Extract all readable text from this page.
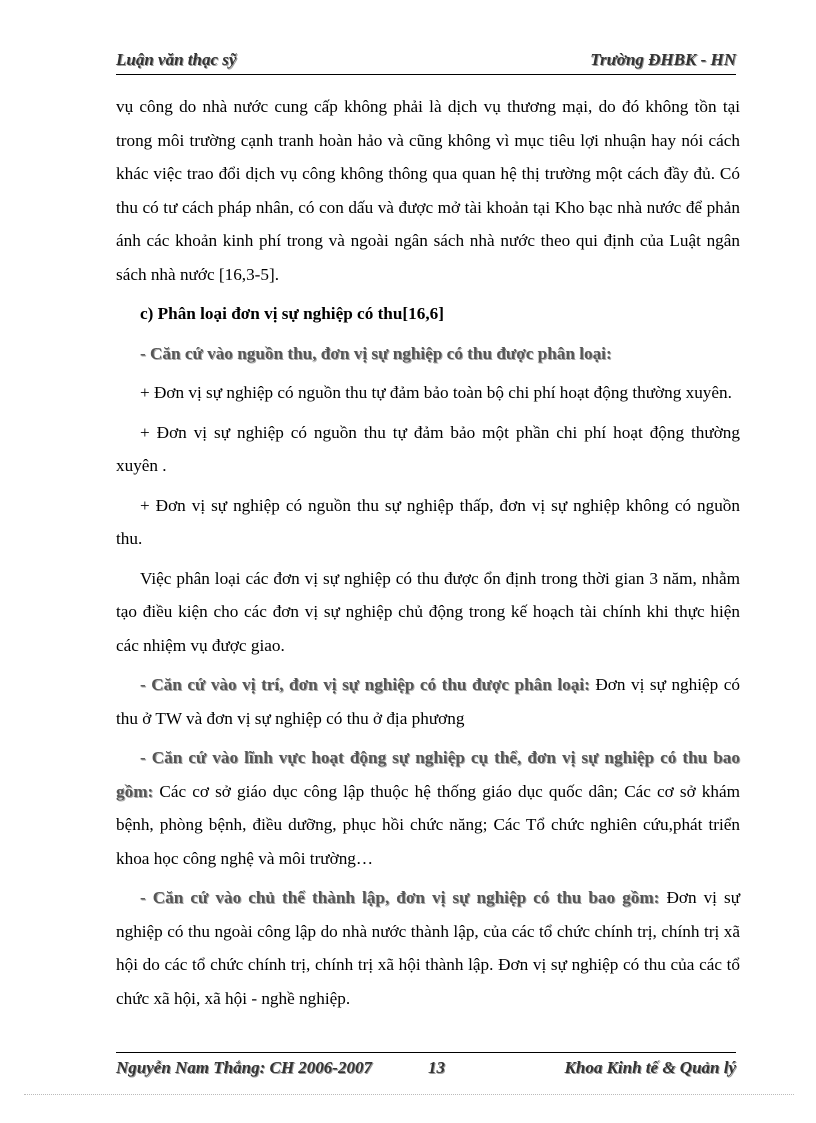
Luận văn thạc sỹ	Trường ĐHBK - HN

vụ công do nhà nước cung cấp không phải là dịch vụ thương mại, do đó không tồn tại trong môi trường cạnh tranh hoàn hảo và cũng không vì mục tiêu lợi nhuận hay nói cách khác việc trao đổi dịch vụ công không thông qua quan hệ thị trường một cách đầy đủ. Có thu có tư cách pháp nhân, có con dấu và được mở tài khoản tại Kho bạc nhà nước để phản ánh các khoản kinh phí trong và ngoài ngân sách nhà nước theo qui định của Luật ngân sách nhà nước [16,3-5].

c) Phân loại đơn vị sự nghiệp có thu[16,6]

- Căn cứ vào nguồn thu, đơn vị sự nghiệp có thu được phân loại:

+ Đơn vị sự nghiệp có nguồn thu tự đảm bảo toàn bộ chi phí hoạt động thường xuyên.

+ Đơn vị sự nghiệp có nguồn thu tự đảm bảo một phần chi phí hoạt động thường xuyên .

+ Đơn vị sự nghiệp có nguồn thu sự nghiệp thấp, đơn vị sự nghiệp không có nguồn thu.

Việc phân loại các đơn vị sự nghiệp có thu được ổn định trong thời gian 3 năm, nhằm tạo điều kiện cho các đơn vị sự nghiệp chủ động trong kế hoạch tài chính khi thực hiện các nhiệm vụ được giao.

- Căn cứ vào vị trí, đơn vị sự nghiệp có thu được phân loại: Đơn vị sự nghiệp có thu ở TW và đơn vị sự nghiệp có thu ở địa phương

- Căn cứ vào lĩnh vực hoạt động sự nghiệp cụ thể, đơn vị sự nghiệp có thu bao gồm: Các cơ sở giáo dục công lập thuộc hệ thống giáo dục quốc dân; Các cơ sở khám bệnh, phòng bệnh, điều dưỡng, phục hồi chức năng; Các Tổ chức nghiên cứu,phát triển khoa học công nghệ và môi trường…

- Căn cứ vào chủ thể thành lập, đơn vị sự nghiệp có thu bao gồm: Đơn vị sự nghiệp có thu ngoài công lập do nhà nước thành lập, của các tổ chức chính trị, chính trị xã hội do các tổ chức chính trị, chính trị xã hội thành lập. Đơn vị sự nghiệp có thu của các tổ chức xã hội, xã hội - nghề nghiệp.

Nguyễn Nam Thắng: CH 2006-2007	13	Khoa Kinh tế & Quản lý
